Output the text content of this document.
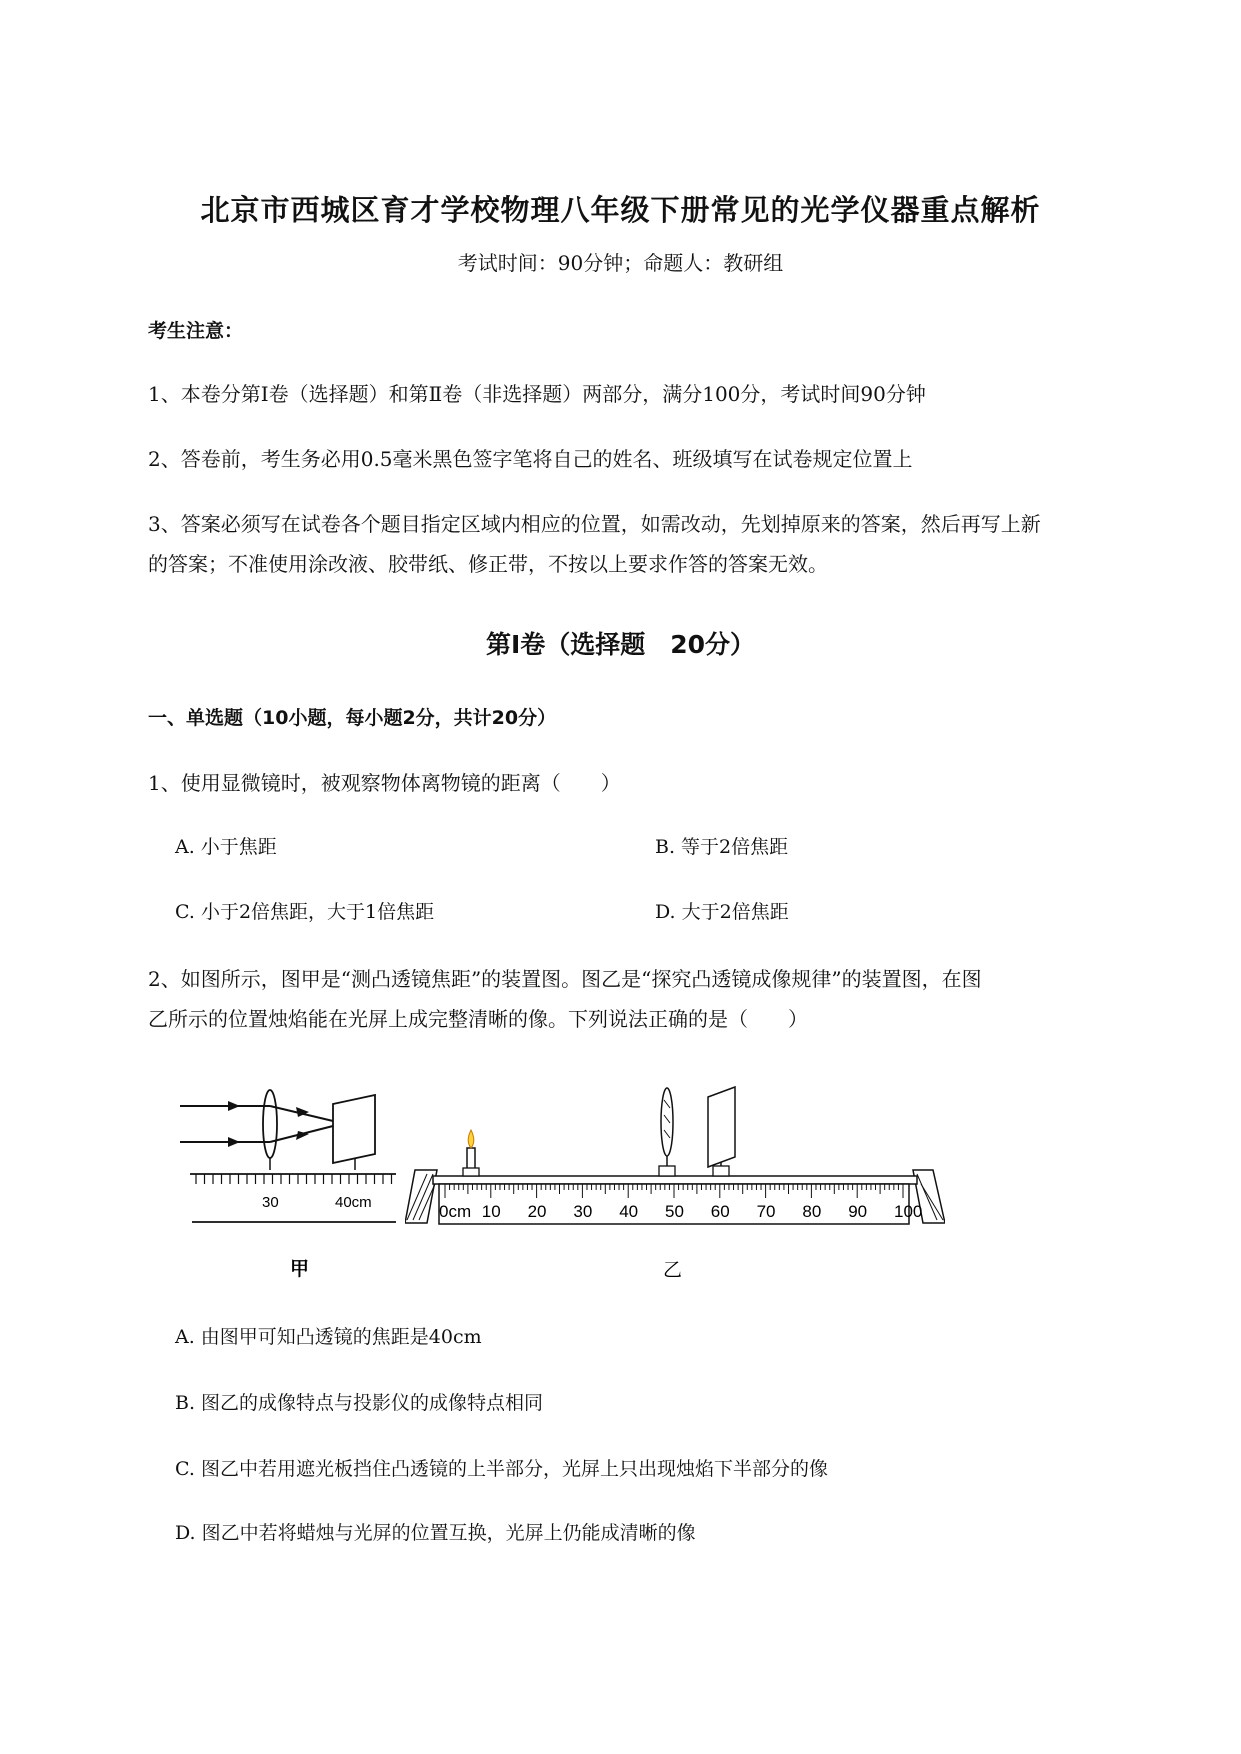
北京市西城区育才学校物理八年级下册常见的光学仪器重点解析
考试时间：90分钟；命题人：教研组
考生注意：
1、本卷分第I卷（选择题）和第Ⅱ卷（非选择题）两部分，满分100分，考试时间90分钟
2、答卷前，考生务必用0.5毫米黑色签字笔将自己的姓名、班级填写在试卷规定位置上
3、答案必须写在试卷各个题目指定区域内相应的位置，如需改动，先划掉原来的答案，然后再写上新
的答案；不准使用涂改液、胶带纸、修正带，不按以上要求作答的答案无效。
第I卷（选择题　20分）
一、单选题（10小题，每小题2分，共计20分）
1、使用显微镜时，被观察物体离物镜的距离（　　）
A. 小于焦距	B. 等于2倍焦距
C. 小于2倍焦距，大于1倍焦距	D. 大于2倍焦距
2、如图所示，图甲是“测凸透镜焦距”的装置图。图乙是“探究凸透镜成像规律”的装置图，在图
乙所示的位置烛焰能在光屏上成完整清晰的像。下列说法正确的是（　　）
30	40cm
甲
0cm 10 20 30 40 50 60 70 80 90 100
乙
A. 由图甲可知凸透镜的焦距是40cm
B. 图乙的成像特点与投影仪的成像特点相同
C. 图乙中若用遮光板挡住凸透镜的上半部分，光屏上只出现烛焰下半部分的像
D. 图乙中若将蜡烛与光屏的位置互换，光屏上仍能成清晰的像
